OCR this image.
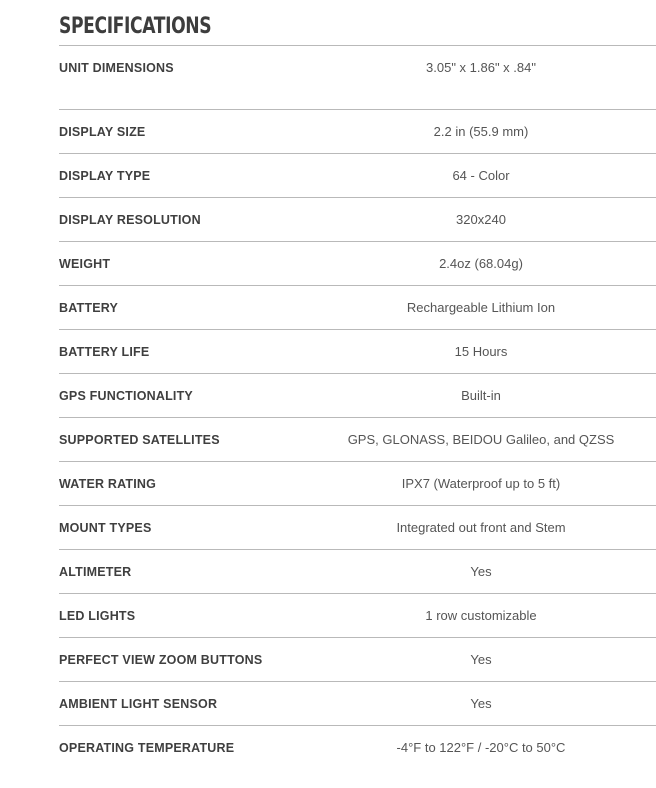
SPECIFICATIONS
UNIT DIMENSIONS	3.05" x 1.86" x .84"
DISPLAY SIZE	2.2 in (55.9 mm)
DISPLAY TYPE	64 - Color
DISPLAY RESOLUTION	320x240
WEIGHT	2.4oz (68.04g)
BATTERY	Rechargeable Lithium Ion
BATTERY LIFE	15 Hours
GPS FUNCTIONALITY	Built-in
SUPPORTED SATELLITES	GPS, GLONASS, BEIDOU Galileo, and QZSS
WATER RATING	IPX7 (Waterproof up to 5 ft)
MOUNT TYPES	Integrated out front and Stem
ALTIMETER	Yes
LED LIGHTS	1 row customizable
PERFECT VIEW ZOOM BUTTONS	Yes
AMBIENT LIGHT SENSOR	Yes
OPERATING TEMPERATURE	-4°F to 122°F / -20°C to 50°C
